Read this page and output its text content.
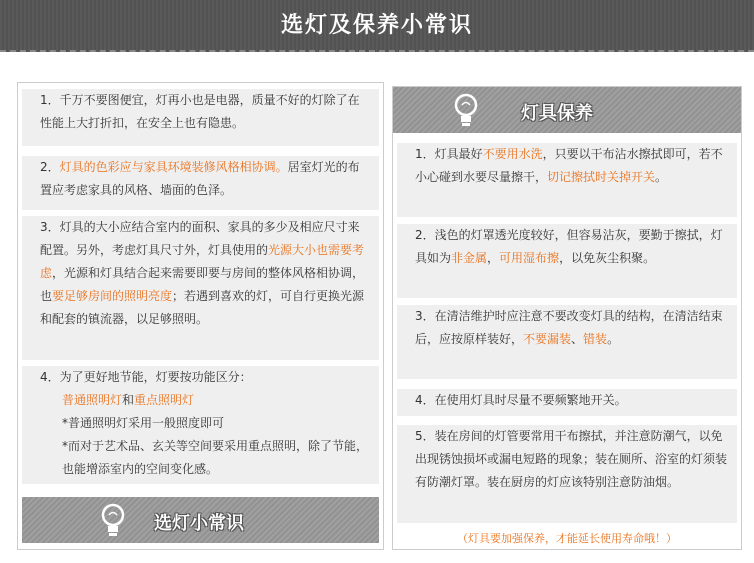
选灯及保养小常识
1．千万不要图便宜，灯再小也是电器，质量不好的灯除了在性能上大打折扣，在安全上也有隐患。
2．灯具的色彩应与家具环境装修风格相协调。居室灯光的布置应考虑家具的风格、墙面的色泽。
3．灯具的大小应结合室内的面积、家具的多少及相应尺寸来配置。另外，考虑灯具尺寸外，灯具使用的光源大小也需要考虑，光源和灯具结合起来需要即要与房间的整体风格相协调，也要足够房间的照明亮度；若遇到喜欢的灯，可自行更换光源和配套的镇流器，以足够照明。
4．为了更好地节能，灯要按功能区分：
普通照明灯和重点照明灯
*普通照明灯采用一般照度即可
*而对于艺术品、玄关等空间要采用重点照明，除了节能，也能增添室内的空间变化感。
选灯小常识
灯具保养
1．灯具最好不要用水洗，只要以干布沾水擦拭即可，若不小心碰到水要尽量擦干，切记擦拭时关掉开关。
2．浅色的灯罩透光度较好，但容易沾灰，要勤于擦拭，灯具如为非金属，可用湿布擦，以免灰尘积聚。
3．在清洁维护时应注意不要改变灯具的结构，在清洁结束后，应按原样装好，不要漏装、错装。
4．在使用灯具时尽量不要频繁地开关。
5．装在房间的灯管要常用干布擦拭，并注意防潮气，以免出现锈蚀损坏或漏电短路的现象；装在厕所、浴室的灯须装有防潮灯罩。装在厨房的灯应该特别注意防油烟。
（灯具要加强保养，才能延长使用寿命哦！）
